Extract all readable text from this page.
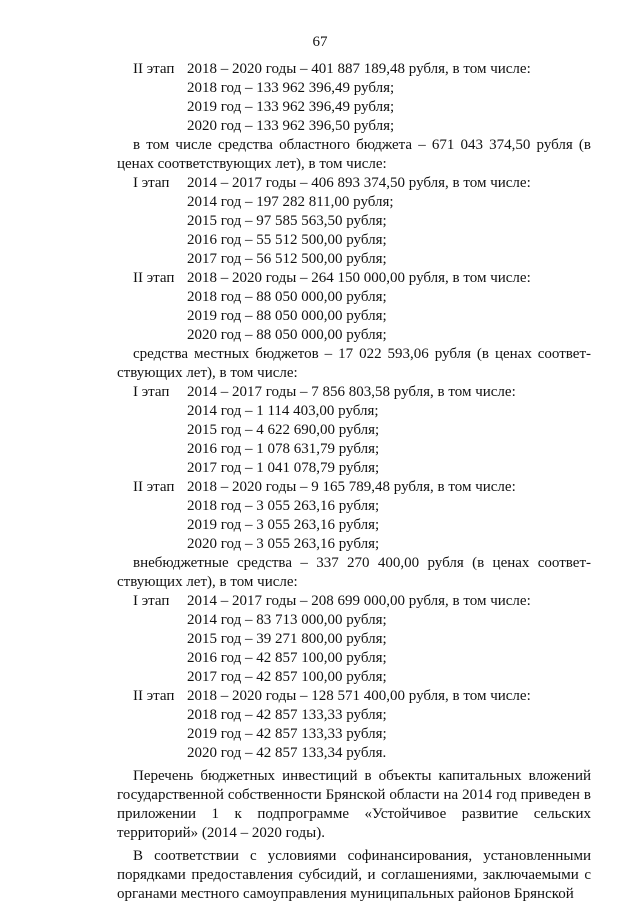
67
II этап 2018 – 2020 годы – 401 887 189,48 рубля, в том числе:
2018 год – 133 962 396,49 рубля;
2019 год – 133 962 396,49 рубля;
2020 год – 133 962 396,50 рубля;
в том числе средства областного бюджета – 671 043 374,50 рубля (в
ценах соответствующих лет), в том числе:
I этап 2014 – 2017 годы – 406 893 374,50 рубля, в том числе:
2014 год – 197 282 811,00 рубля;
2015 год – 97 585 563,50 рубля;
2016 год – 55 512 500,00 рубля;
2017 год – 56 512 500,00 рубля;
II этап 2018 – 2020 годы – 264 150 000,00 рубля, в том числе:
2018 год – 88 050 000,00 рубля;
2019 год – 88 050 000,00 рубля;
2020 год – 88 050 000,00 рубля;
средства местных бюджетов – 17 022 593,06 рубля (в ценах соответ-
ствующих лет), в том числе:
I этап 2014 – 2017 годы – 7 856 803,58 рубля, в том числе:
2014 год – 1 114 403,00 рубля;
2015 год – 4 622 690,00 рубля;
2016 год – 1 078 631,79 рубля;
2017 год – 1 041 078,79 рубля;
II этап 2018 – 2020 годы – 9 165 789,48 рубля, в том числе:
2018 год – 3 055 263,16 рубля;
2019 год – 3 055 263,16 рубля;
2020 год – 3 055 263,16 рубля;
внебюджетные средства – 337 270 400,00 рубля (в ценах соответ-
ствующих лет), в том числе:
I этап 2014 – 2017 годы – 208 699 000,00 рубля, в том числе:
2014 год – 83 713 000,00 рубля;
2015 год – 39 271 800,00 рубля;
2016 год – 42 857 100,00 рубля;
2017 год – 42 857 100,00 рубля;
II этап 2018 – 2020 годы – 128 571 400,00 рубля, в том числе:
2018 год – 42 857 133,33 рубля;
2019 год – 42 857 133,33 рубля;
2020 год – 42 857 133,34 рубля.

Перечень бюджетных инвестиций в объекты капитальных вложений государственной собственности Брянской области на 2014 год приведен в приложении 1 к подпрограмме «Устойчивое развитие сельских территорий» (2014 – 2020 годы).

В соответствии с условиями софинансирования, установленными порядками предоставления субсидий, и соглашениями, заключаемыми с органами местного самоуправления муниципальных районов Брянской
